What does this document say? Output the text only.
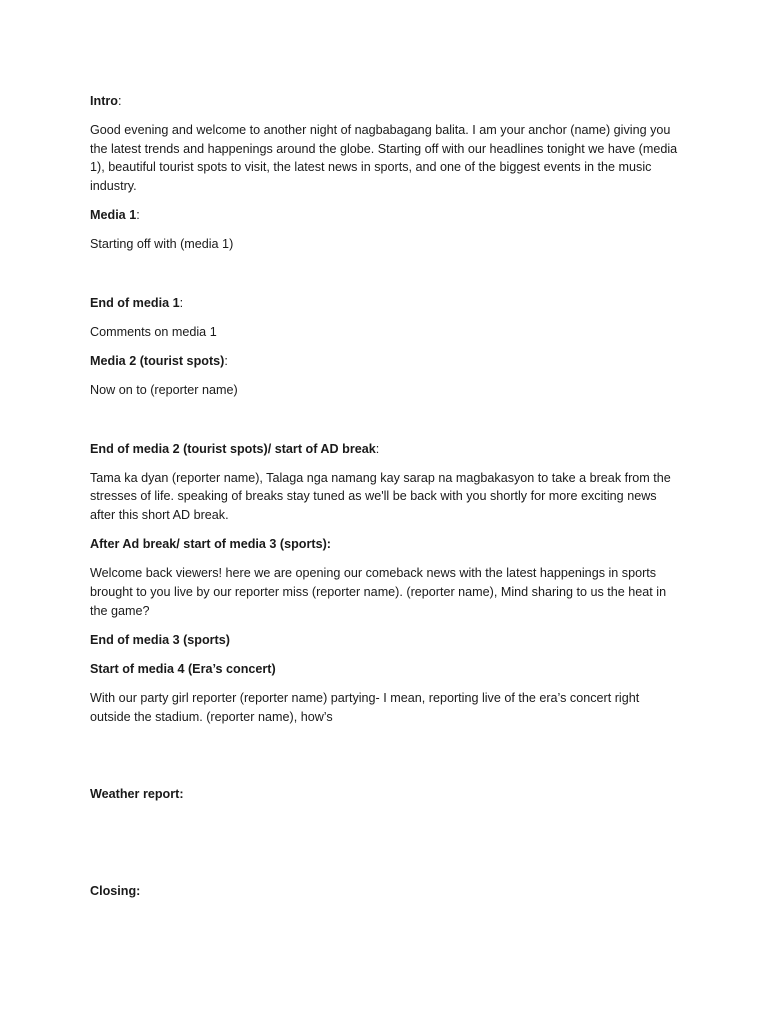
Intro:

Good evening and welcome to another night of nagbabagang balita. I am your anchor (name) giving you the latest trends and happenings around the globe. Starting off with our headlines tonight we have (media 1), beautiful tourist spots to visit, the latest news in sports, and one of the biggest events in the music industry.

Media 1:

Starting off with (media 1)

End of media 1:

Comments on media 1

Media 2 (tourist spots):

Now on to (reporter name)

End of media 2 (tourist spots)/ start of AD break:

Tama ka dyan (reporter name), Talaga nga namang kay sarap na magbakasyon to take a break from the stresses of life. speaking of breaks stay tuned as we'll be back with you shortly for more exciting news after this short AD break.

After Ad break/ start of media 3 (sports):

Welcome back viewers! here we are opening our comeback news with the latest happenings in sports brought to you live by our reporter miss (reporter name). (reporter name), Mind sharing to us the heat in the game?

End of media 3 (sports)

Start of media 4 (Era’s concert)

With our party girl reporter (reporter name) partying- I mean, reporting live of the era’s concert right outside the stadium. (reporter name), how’s

Weather report:

Closing:
